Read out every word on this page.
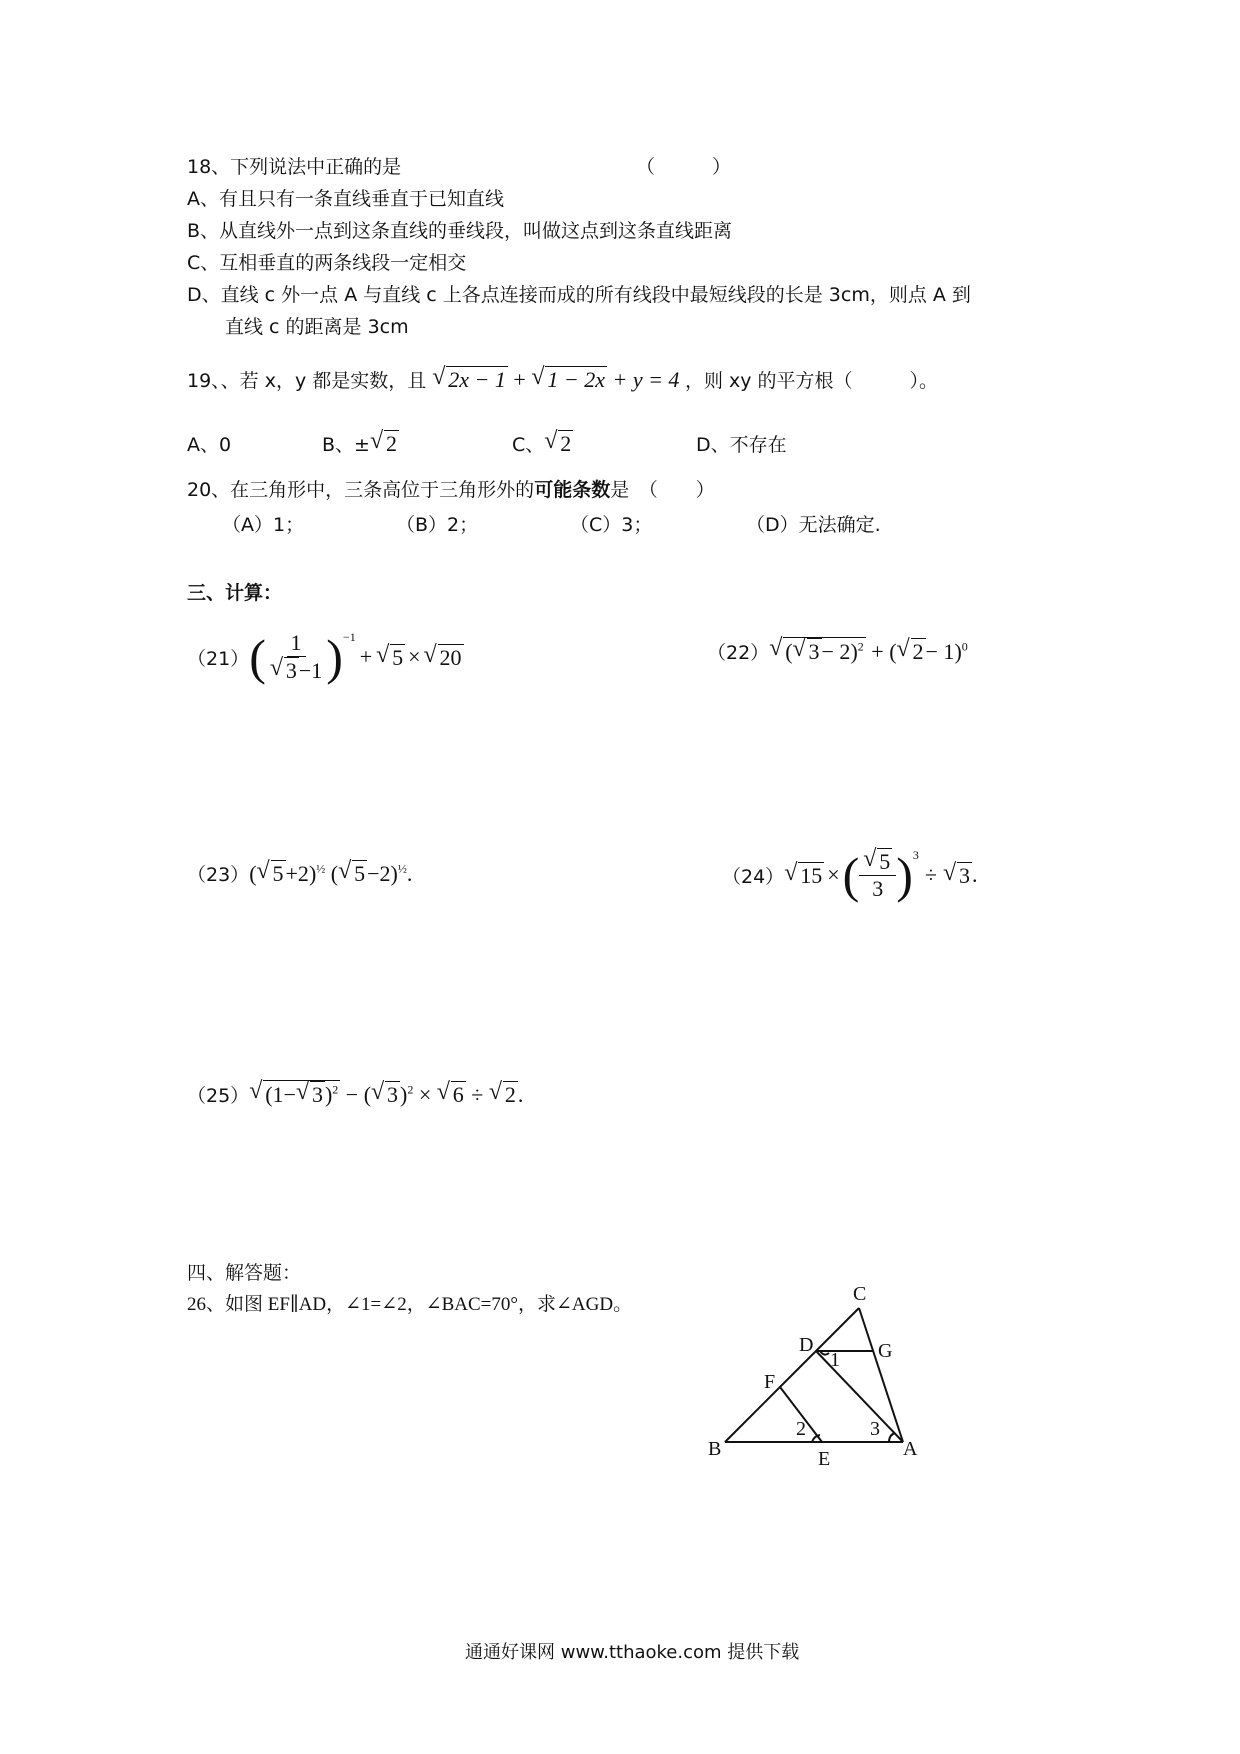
18、下列说法中正确的是	（　　　）
A、有且只有一条直线垂直于已知直线
B、从直线外一点到这条直线的垂线段，叫做这点到这条直线距离
C、互相垂直的两条线段一定相交
D、直线 c 外一点 A 与直线 c 上各点连接而成的所有线段中最短线段的长是 3cm，则点 A 到
直线 c 的距离是 3cm
19、、若 x，y 都是实数，且 √ 2x − 1 + √ 1 − 2x + y = 4 ，则 xy 的平方根（　　　）。
A、0	B、± √ 2	C、 √ 2	D、不存在
20、在三角形中，三条高位于三角形外的可能条数是　（　　）
（A）1；	（B）2；	（C）3；	（D）无法确定.
三、计算：
（21） ( 1
√ 3−1 )$^{-1}$
+ √ 5 × √ 20	（22） √ ( √ 3− 2)$^2$ + ( √ 2− 1)$^0$
（23） ( √ 5+2)$^{\frac{1}{2}}$ ( √ 5−2)$^{\frac{1}{2}}$.	（24） √ 15 × ( √ $\frac{5}{3} )^3$
÷	√ 3 .
（25） √ (1− √ 3)$^2$ − ( √ 3)$^2$ × √ 6 ÷ √ 2.
四、解答题：
26、如图 EF∥AD，∠1=∠2，∠BAC=70°，求∠AGD。	C
D	G
F
B	E	A
1
2	3
通通好课网 www.tthaoke.com 提供下载
